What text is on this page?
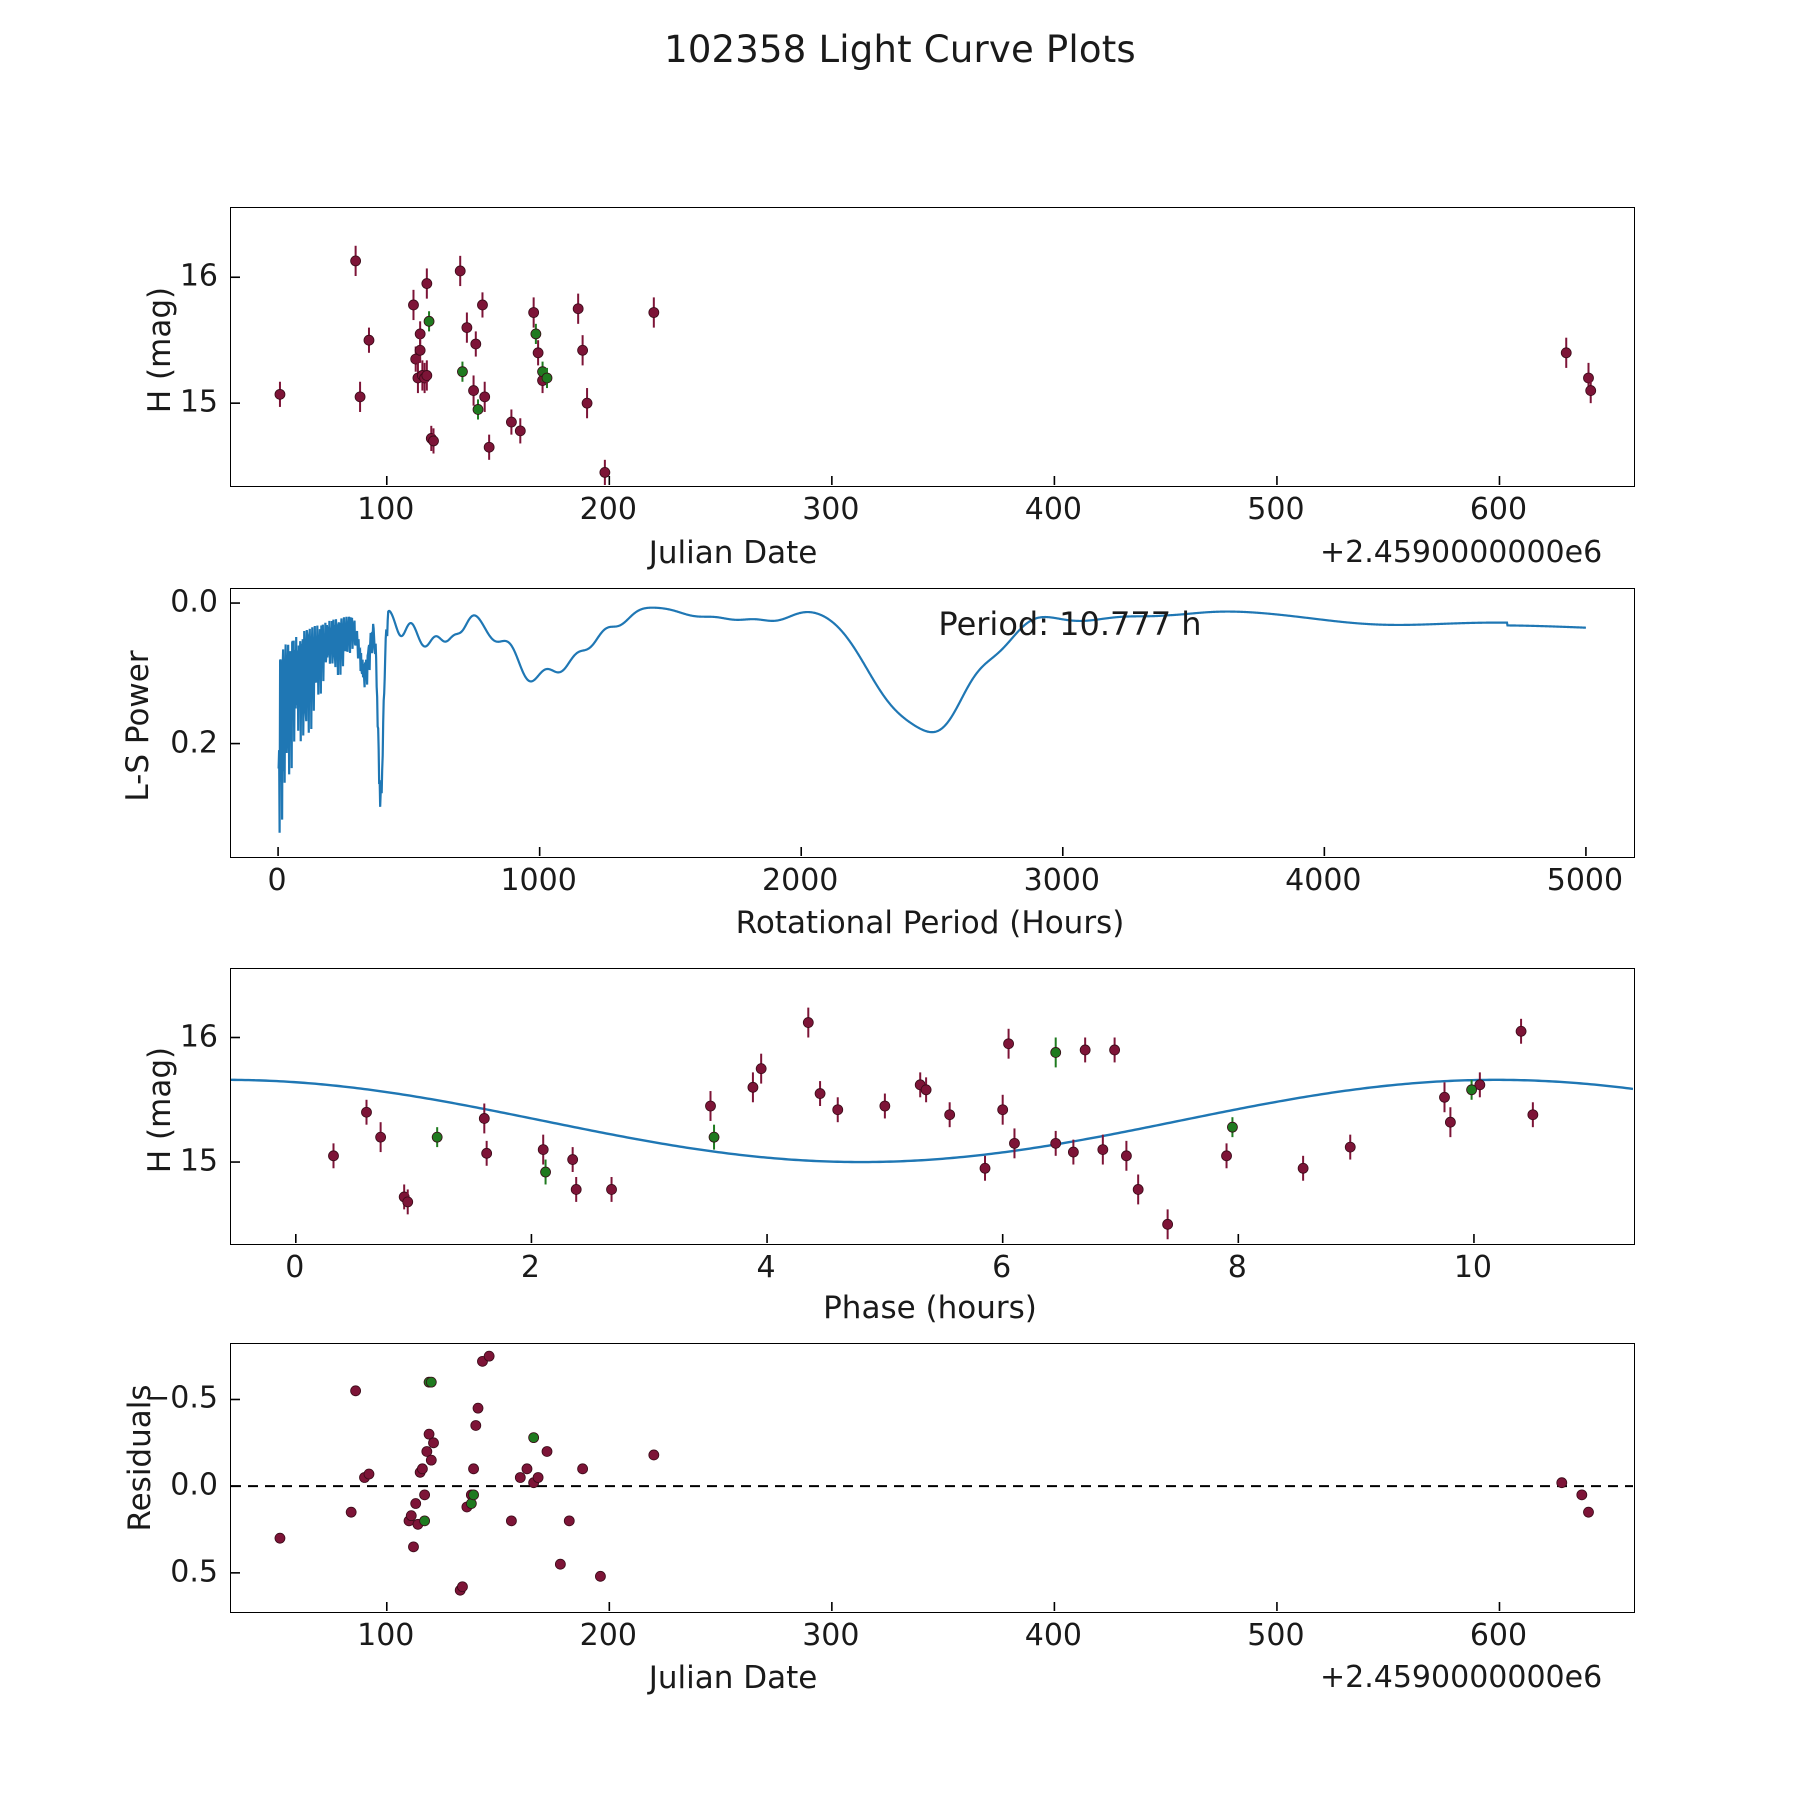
102358 Light Curve Plots
H (mag)
Julian Date	+2.4590000000e6
100	200	300	400	500	600
15
16
Period: 10.777 h
L-S Power
Rotational Period (Hours)
0	1000	2000	3000	4000	5000
0.0
0.2
H (mag)
Phase (hours)
0	2	4	6	8	10
15
16
Residuals
Julian Date	+2.4590000000e6
100	200	300	400	500	600
−0.5
0.0
0.5
